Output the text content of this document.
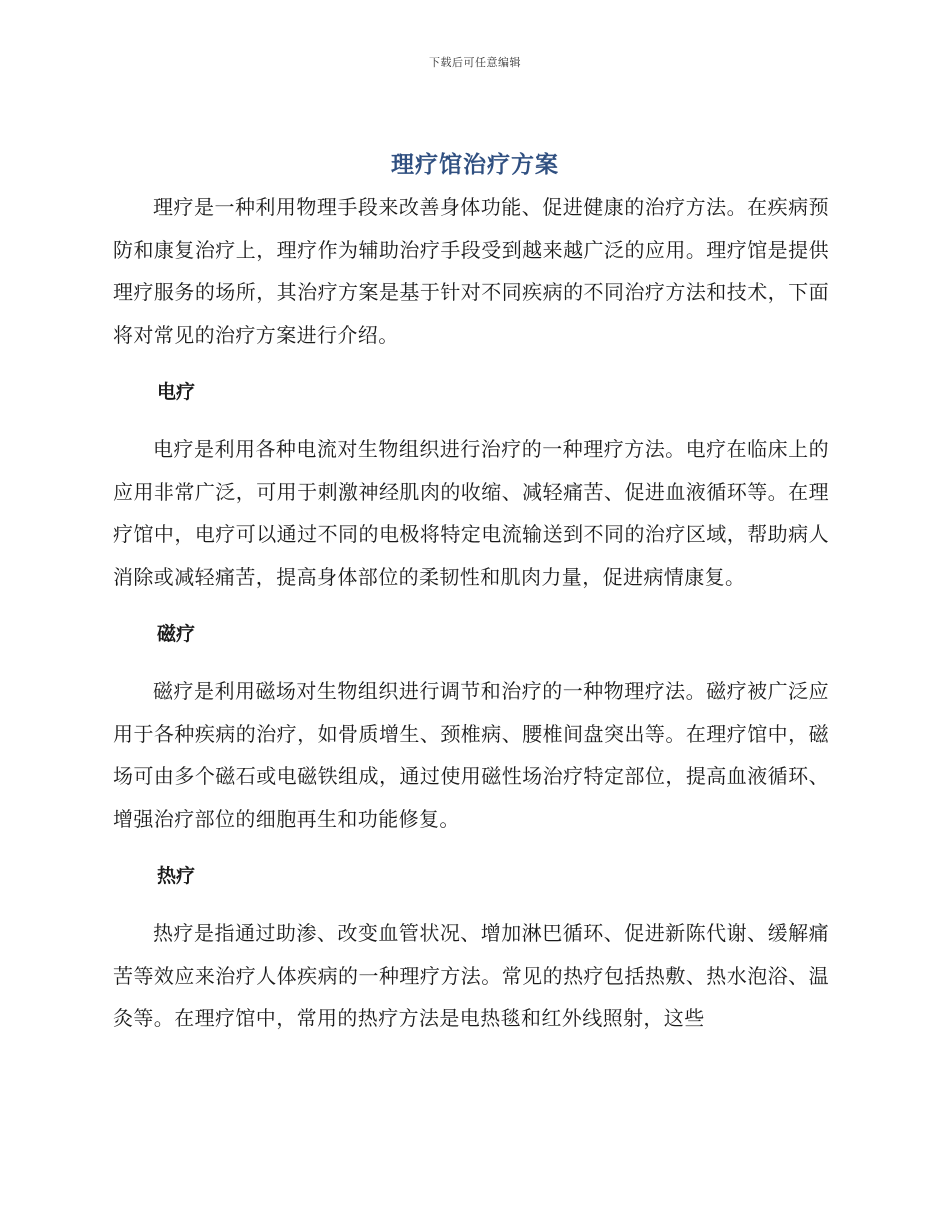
下载后可任意编辑
理疗馆治疗方案

理疗是一种利用物理手段来改善身体功能、促进健康的治疗方法。在疾病预防和康复治疗上，理疗作为辅助治疗手段受到越来越广泛的应用。理疗馆是提供理疗服务的场所，其治疗方案是基于针对不同疾病的不同治疗方法和技术，下面将对常见的治疗方案进行介绍。

电疗

电疗是利用各种电流对生物组织进行治疗的一种理疗方法。电疗在临床上的应用非常广泛，可用于刺激神经肌肉的收缩、减轻痛苦、促进血液循环等。在理疗馆中，电疗可以通过不同的电极将特定电流输送到不同的治疗区域，帮助病人消除或减轻痛苦，提高身体部位的柔韧性和肌肉力量，促进病情康复。

磁疗

磁疗是利用磁场对生物组织进行调节和治疗的一种物理疗法。磁疗被广泛应用于各种疾病的治疗，如骨质增生、颈椎病、腰椎间盘突出等。在理疗馆中，磁场可由多个磁石或电磁铁组成，通过使用磁性场治疗特定部位，提高血液循环、增强治疗部位的细胞再生和功能修复。

热疗

热疗是指通过助渗、改变血管状况、增加淋巴循环、促进新陈代谢、缓解痛苦等效应来治疗人体疾病的一种理疗方法。常见的热疗包括热敷、热水泡浴、温灸等。在理疗馆中，常用的热疗方法是电热毯和红外线照射，这些
